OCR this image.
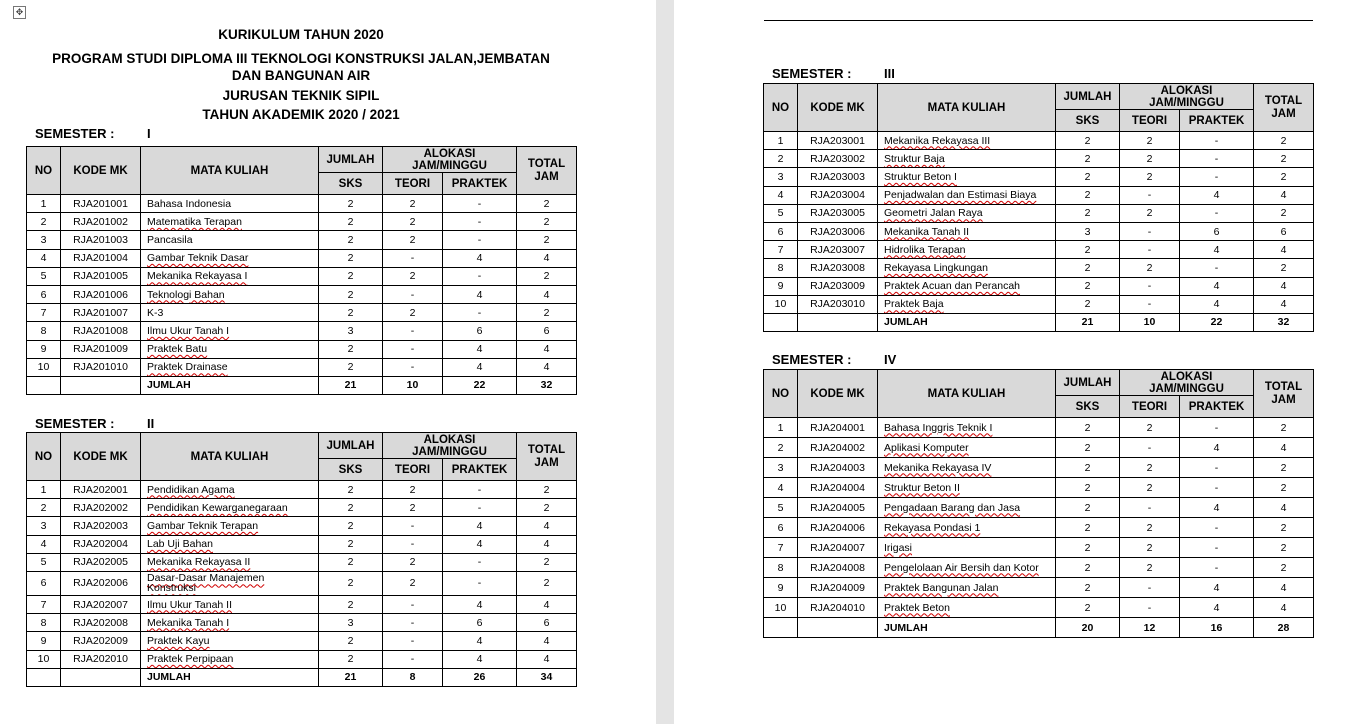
✥
KURIKULUM TAHUN 2020
PROGRAM STUDI DIPLOMA III TEKNOLOGI KONSTRUKSI JALAN,JEMBATAN
DAN BANGUNAN AIR
JURUSAN TEKNIK SIPIL
TAHUN AKADEMIK 2020 / 2021
SEMESTER :	I
SEMESTER :	II
SEMESTER :	III
SEMESTER :	IV
NO	KODE MK	MATA KULIAH	JUMLAH	ALOKASI JAM/MINGGU		TOTAL JAM
			SKS	TEORI	PRAKTEK	
1	RJA201001	Bahasa Indonesia	2	2	-	2
2	RJA201002	Matematika Terapan	2	2	-	2
3	RJA201003	Pancasila	2	2	-	2
4	RJA201004	Gambar Teknik Dasar	2	-	4	4
5	RJA201005	Mekanika Rekayasa I	2	2	-	2
6	RJA201006	Teknologi Bahan	2	-	4	4
7	RJA201007	K-3	2	2	-	2
8	RJA201008	Ilmu Ukur Tanah I	3	-	6	6
9	RJA201009	Praktek Batu	2	-	4	4
10	RJA201010	Praktek Drainase	2	-	4	4
		JUMLAH	21	10	22	32
NO	KODE MK	MATA KULIAH	JUMLAH	ALOKASI JAM/MINGGU		TOTAL JAM
			SKS	TEORI	PRAKTEK	
1	RJA202001	Pendidikan Agama	2	2	-	2
2	RJA202002	Pendidikan Kewarganegaraan	2	2	-	2
3	RJA202003	Gambar Teknik Terapan	2	-	4	4
4	RJA202004	Lab Uji Bahan	2	-	4	4
5	RJA202005	Mekanika Rekayasa II	2	2	-	2
6	RJA202006	Dasar-Dasar Manajemen Konstruksi	2	2	-	2
7	RJA202007	Ilmu Ukur Tanah II	2	-	4	4
8	RJA202008	Mekanika Tanah I	3	-	6	6
9	RJA202009	Praktek Kayu	2	-	4	4
10	RJA202010	Praktek Perpipaan	2	-	4	4
		JUMLAH	21	8	26	34
NO	KODE MK	MATA KULIAH	JUMLAH	ALOKASI JAM/MINGGU		TOTAL JAM
			SKS	TEORI	PRAKTEK	
1	RJA203001	Mekanika Rekayasa III	2	2	-	2
2	RJA203002	Struktur Baja	2	2	-	2
3	RJA203003	Struktur Beton I	2	2	-	2
4	RJA203004	Penjadwalan dan Estimasi Biaya	2	-	4	4
5	RJA203005	Geometri Jalan Raya	2	2	-	2
6	RJA203006	Mekanika Tanah II	3	-	6	6
7	RJA203007	Hidrolika Terapan	2	-	4	4
8	RJA203008	Rekayasa Lingkungan	2	2	-	2
9	RJA203009	Praktek Acuan dan Perancah	2	-	4	4
10	RJA203010	Praktek Baja	2	-	4	4
		JUMLAH	21	10	22	32
NO	KODE MK	MATA KULIAH	JUMLAH	ALOKASI JAM/MINGGU		TOTAL JAM
			SKS	TEORI	PRAKTEK	
1	RJA204001	Bahasa Inggris Teknik I	2	2	-	2
2	RJA204002	Aplikasi Komputer	2	-	4	4
3	RJA204003	Mekanika Rekayasa IV	2	2	-	2
4	RJA204004	Struktur Beton II	2	2	-	2
5	RJA204005	Pengadaan Barang dan Jasa	2	-	4	4
6	RJA204006	Rekayasa Pondasi 1	2	2	-	2
7	RJA204007	Irigasi	2	2	-	2
8	RJA204008	Pengelolaan Air Bersih dan Kotor	2	2	-	2
9	RJA204009	Praktek Bangunan Jalan	2	-	4	4
10	RJA204010	Praktek Beton	2	-	4	4
		JUMLAH	20	12	16	28
